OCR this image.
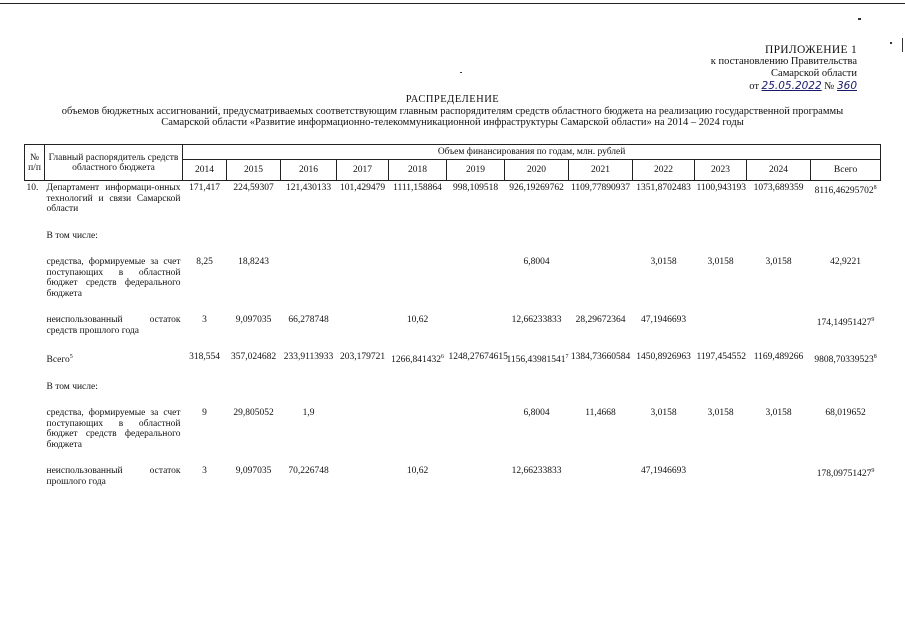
ПРИЛОЖЕНИЕ 1
к постановлению Правительства
Самарской области
от 25.05.2022 № 360
РАСПРЕДЕЛЕНИЕ
объемов бюджетных ассигнований, предусматриваемых соответствующим главным распорядителям средств областного бюджета на реализацию государственной программы
Самарской области «Развитие информационно-телекоммуникационной инфраструктуры Самарской области» на 2014 – 2024 годы
№ п/п	Главный распорядитель средств областного бюджета	Объем финансирования по годам, млн. рублей											
		2014	2015	2016	2017	2018	2019	2020	2021	2022	2023	2024	Всего
10.	Департамент информаци-онных технологий и связи Самарской области	171,417	224,59307	121,430133	101,429479	1111,158864	998,109518	926,19269762	1109,77890937	1351,8702483	1100,943193	1073,689359	8116,46295702$^8$

	В том числе:												

	средства, формируемые за счет поступающих в областной бюджет средств федерального бюджета	8,25	18,8243					6,8004		3,0158	3,0158	3,0158	42,9221

	неиспользованный остаток средств прошлого года	3	9,097035	66,278748		10,62		12,66233833	28,29672364	47,1946693			174,14951427$^9$

	Всего$^5$	318,554	357,024682	233,9113933	203,179721	1266,841432$^6$	1248,27674615	1156,43981541$^7$	1384,73660584	1450,8926963	1197,454552	1169,489266	9808,70339523$^8$

	В том числе:												

	средства, формируемые за счет поступающих в областной бюджет средств федерального бюджета	9	29,805052	1,9				6,8004	11,4668	3,0158	3,0158	3,0158	68,019652

	неиспользованный остаток прошлого года	3	9,097035	70,226748		10,62		12,66233833		47,1946693			178,09751427$^9$
